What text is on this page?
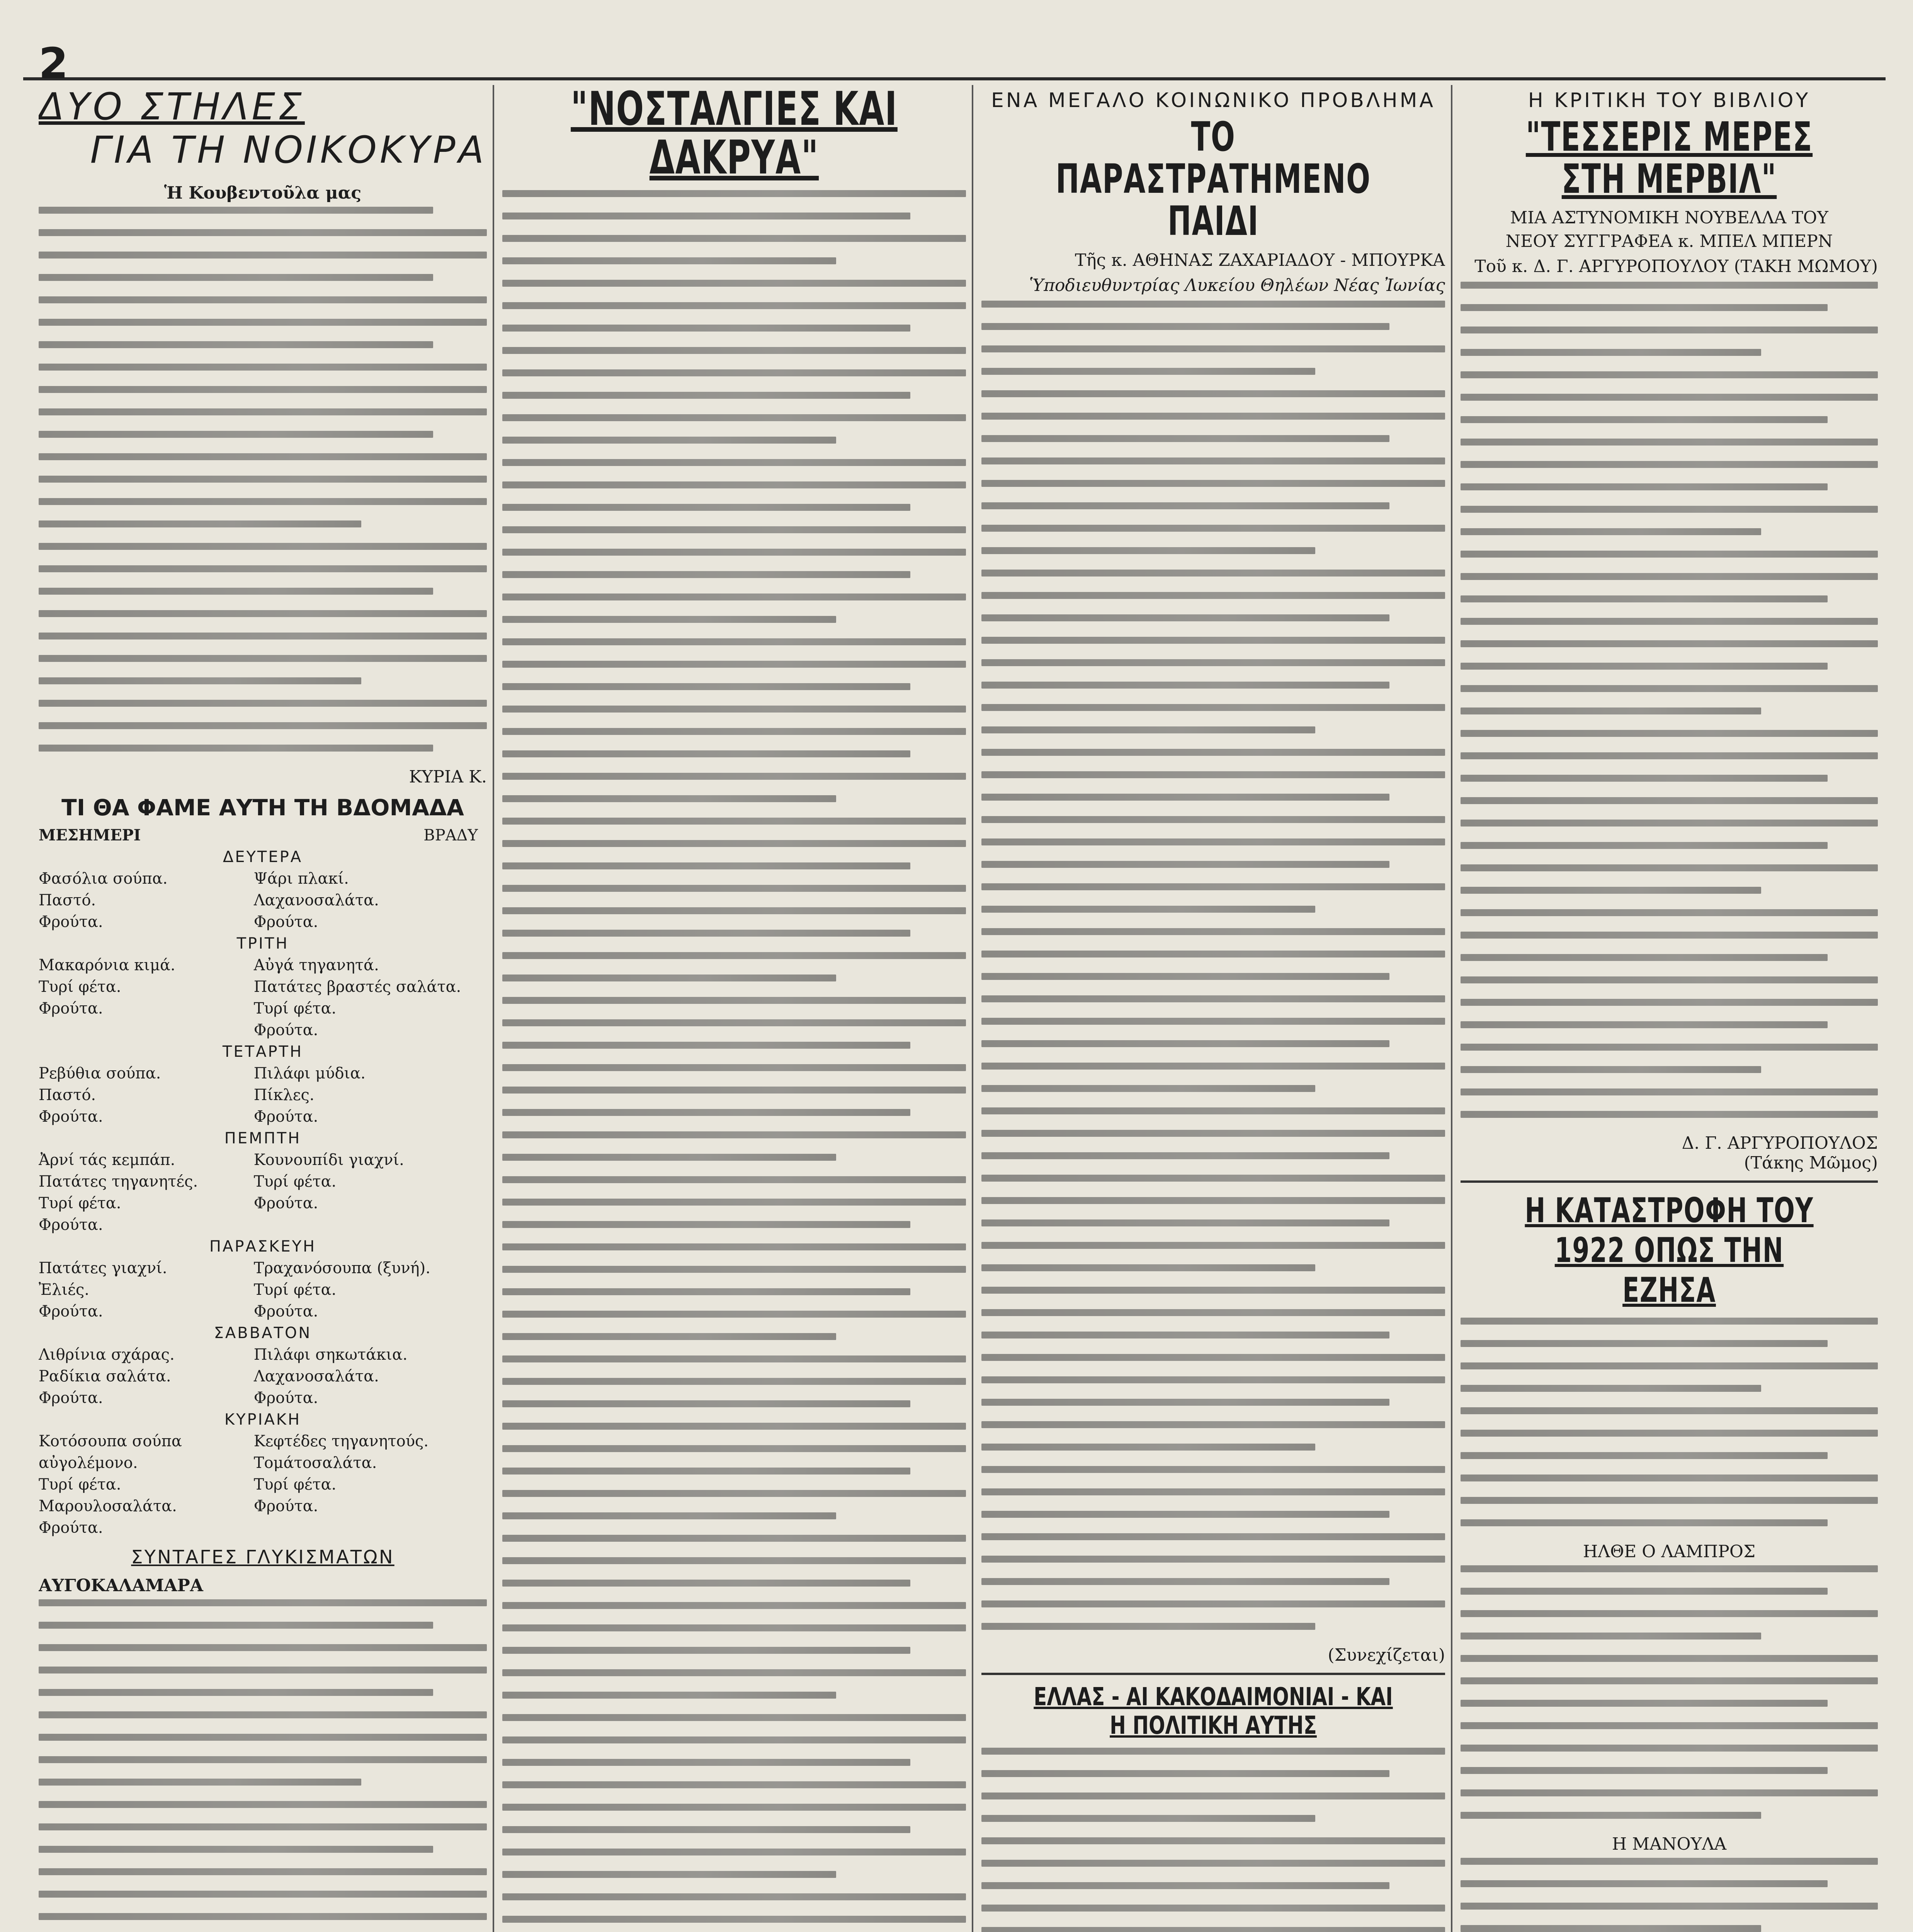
2
ΔΥΟ ΣΤΗΛΕΣ
ΓΙΑ ΤΗ ΝΟΙΚΟΚΥΡΑ
Ἡ Κουβεντοῦλα μας
ΚΥΡΙΑ Κ.
ΤΙ ΘΑ ΦΑΜΕ ΑΥΤΗ ΤΗ ΒΔΟΜΑΔΑ
ΜΕΣΗΜΕΡΙ	ΒΡΑΔΥ
ΔΕΥΤΕΡΑ
Φασόλια σούπα.
Παστό.
Φρούτα.
Ψάρι πλακί.
Λαχανοσαλάτα.
Φρούτα.
ΤΡΙΤΗ
Μακαρόνια κιμά.
Τυρί φέτα.
Φρούτα.
Αὐγά τηγανητά.
Πατάτες βραστές σαλάτα.
Τυρί φέτα.
Φρούτα.
ΤΕΤΑΡΤΗ
Ρεβύθια σούπα.
Παστό.
Φρούτα.
Πιλάφι μύδια.
Πίκλες.
Φρούτα.
ΠΕΜΠΤΗ
Ἀρνί τάς κεμπάπ.
Πατάτες τηγανητές.
Τυρί φέτα.
Φρούτα.
Κουνουπίδι γιαχνί.
Τυρί φέτα.
Φρούτα.
ΠΑΡΑΣΚΕΥΗ
Πατάτες γιαχνί.
Ἐλιές.
Φρούτα.
Τραχανόσουπα (ξυνή).
Τυρί φέτα.
Φρούτα.
ΣΑΒΒΑΤΟΝ
Λιθρίνια σχάρας.
Ραδίκια σαλάτα.
Φρούτα.
Πιλάφι σηκωτάκια.
Λαχανοσαλάτα.
Φρούτα.
ΚΥΡΙΑΚΗ
Κοτόσουπα σούπα αὐγολέμονο.
Τυρί φέτα.
Μαρουλοσαλάτα.
Φρούτα.
Κεφτέδες τηγανητούς.
Τομάτοσαλάτα.
Τυρί φέτα.
Φρούτα.
ΣΥΝΤΑΓΕΣ ΓΛΥΚΙΣΜΑΤΩΝ
ΑΥΓΟΚΑΛΑΜΑΡΑ
"ΝΟΣΤΑΛΓΙΕΣ ΚΑΙ ΔΑΚΡΥΑ"
ΕΝΑ ΜΕΓΑΛΟ ΚΟΙΝΩΝΙΚΟ ΠΡΟΒΛΗΜΑ
ΤΟ ΠΑΡΑΣΤΡΑΤΗΜΕΝΟ ΠΑΙΔΙ
Τῆς κ. ΑΘΗΝΑΣ ΖΑΧΑΡΙΑΔΟΥ - ΜΠΟΥΡΚΑ
Ὑποδιευθυντρίας Λυκείου Θηλέων Νέας Ἰωνίας
(Συνεχίζεται)
ΕΛΛΑΣ - ΑΙ ΚΑΚΟΔΑΙΜΟΝΙΑΙ - ΚΑΙ Η ΠΟΛΙΤΙΚΗ ΑΥΤΗΣ
Η ΚΡΙΤΙΚΗ ΤΟΥ ΒΙΒΛΙΟΥ
"ΤΕΣΣΕΡΙΣ ΜΕΡΕΣ ΣΤΗ ΜΕΡΒΙΛ"
ΜΙΑ ΑΣΤΥΝΟΜΙΚΗ ΝΟΥΒΕΛΛΑ ΤΟΥ
ΝΕΟΥ ΣΥΓΓΡΑΦΕΑ κ. ΜΠΕΛ ΜΠΕΡΝ
Τοῦ κ. Δ. Γ. ΑΡΓΥΡΟΠΟΥΛΟΥ (ΤΑΚΗ ΜΩΜΟΥ)
Δ. Γ. ΑΡΓΥΡΟΠΟΥΛΟΣ
(Τάκης Μῶμος)
Η ΚΑΤΑΣΤΡΟΦΗ ΤΟΥ 1922 ΟΠΩΣ ΤΗΝ ΕΖΗΣΑ
ΗΛΘΕ Ο ΛΑΜΠΡΟΣ
Η ΜΑΝΟΥΛΑ
